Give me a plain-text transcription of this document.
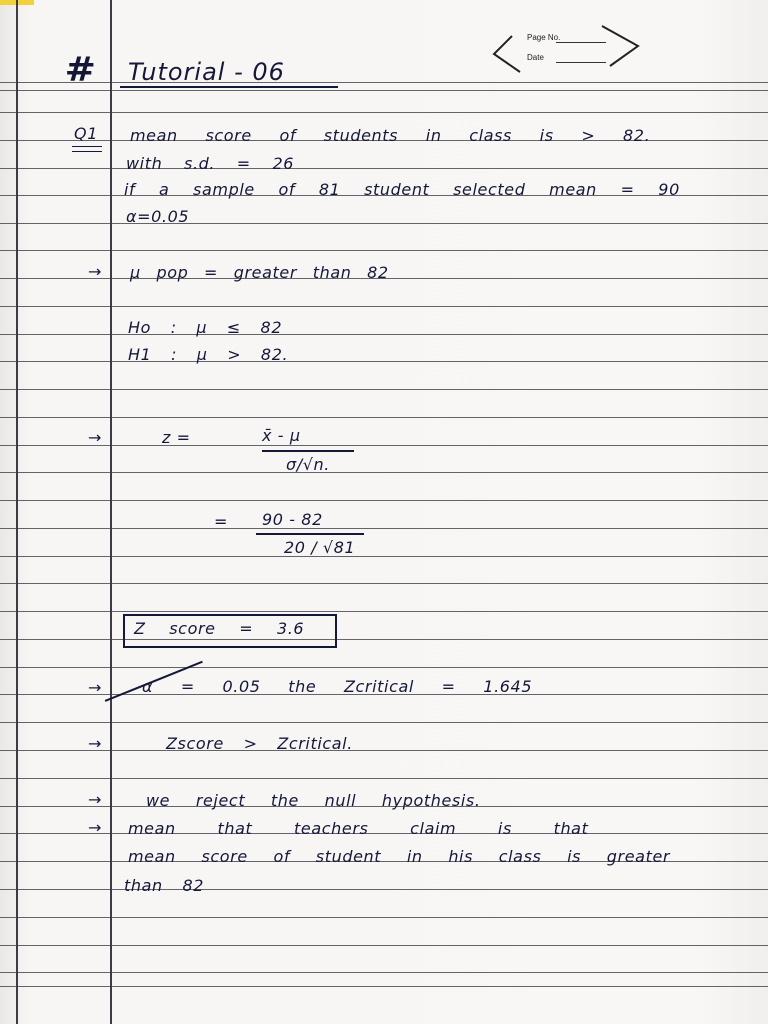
Page No.
Date

# Tutorial - 06
Q1 mean score of students in class is > 82.
with s.d. = 26
if a sample of 81 student selected mean = 90
α=0.05
→ μ pop = greater than 82
Ho : μ ≤ 82
H1 : μ > 82.
→	z =	x̄ - μ
σ/√n.
= 90 - 82
20 / √81
Z score = 3.6
→ α = 0.05 the Zcritical = 1.645
→	Zscore > Zcritical.
→	we reject the null hypothesis.
→ mean that teachers claim is that
mean score of student in his class is greater
than 82
